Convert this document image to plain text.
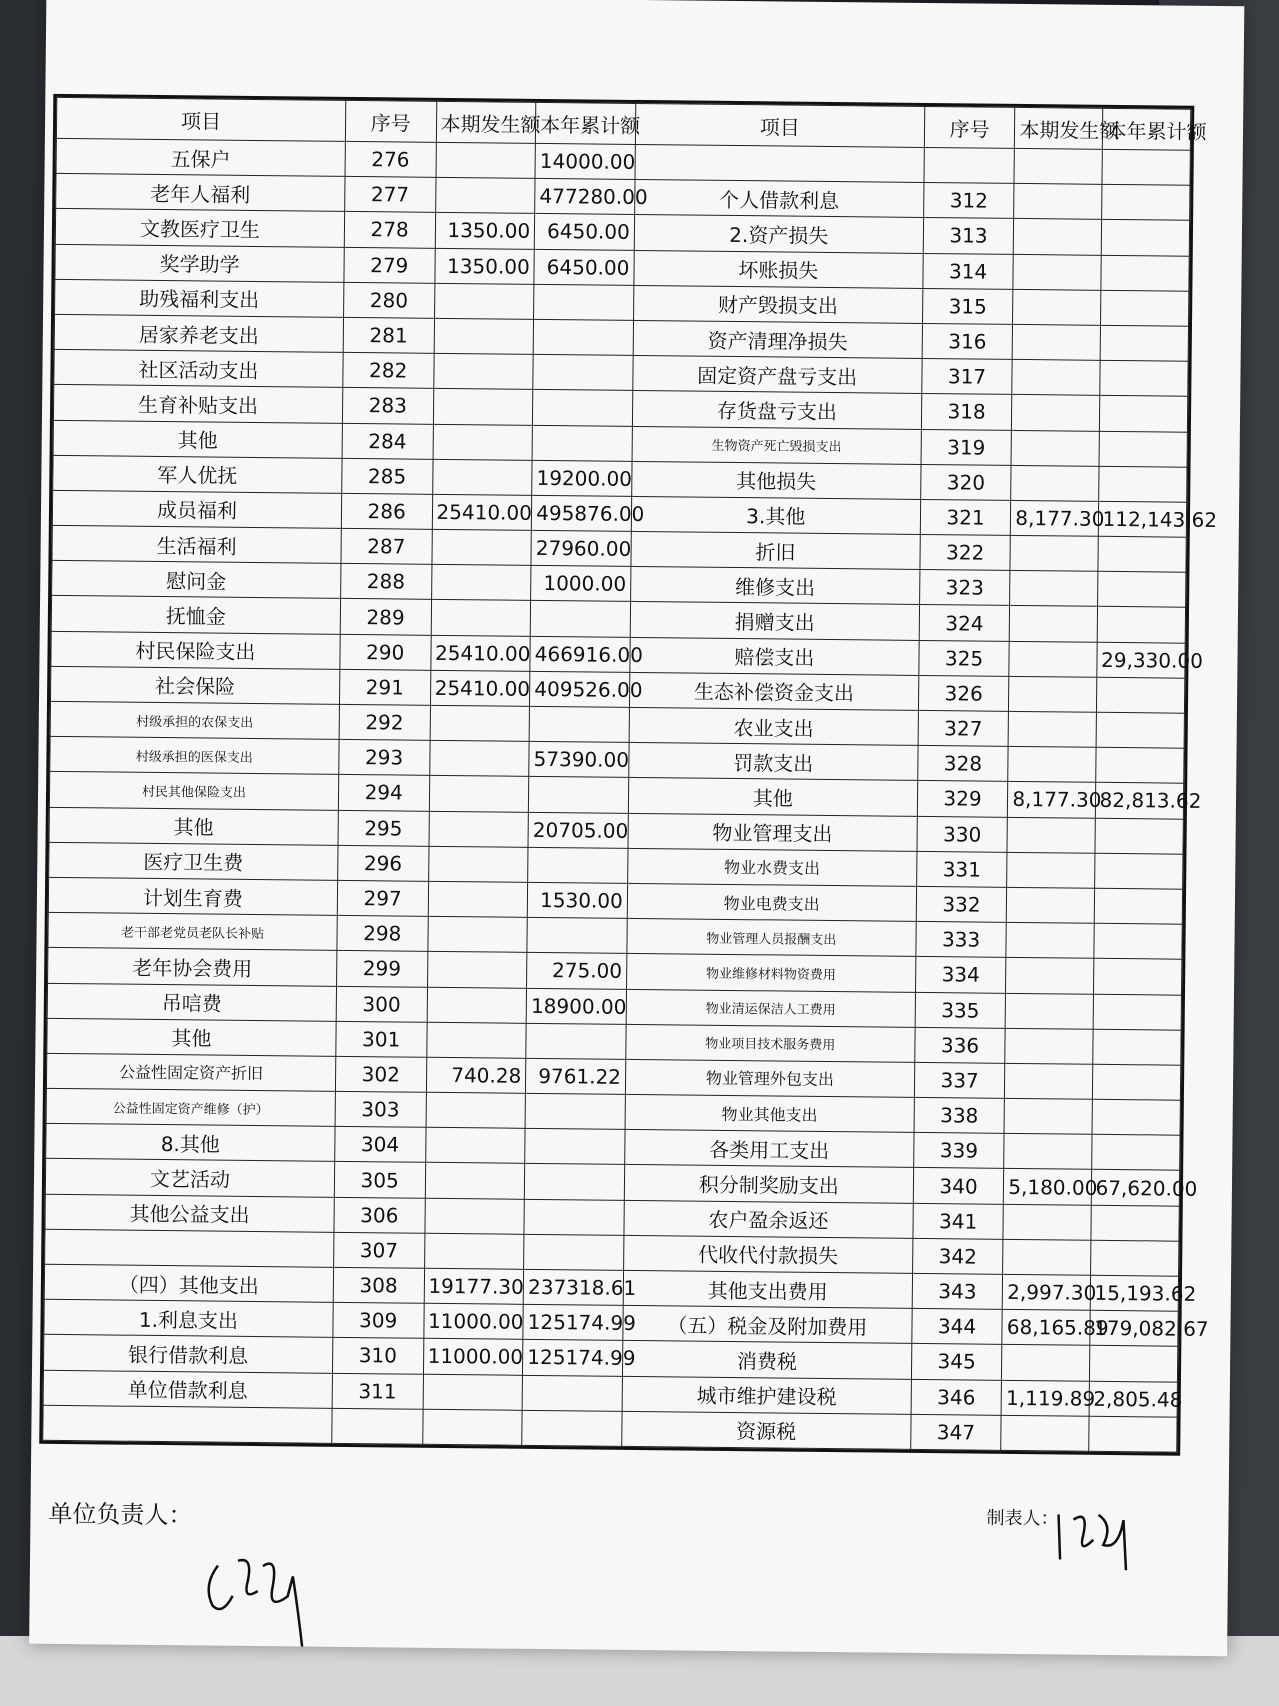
项目	序号	本期发生额	本年累计额	项目	序号	本期发生额	本年累计额
五保户	276		14000.00				
老年人福利	277		477280.00	个人借款利息	312		
文教医疗卫生	278	1350.00	6450.00	2.资产损失	313		
奖学助学	279	1350.00	6450.00	坏账损失	314		
助残福利支出	280			财产毁损支出	315		
居家养老支出	281			资产清理净损失	316		
社区活动支出	282			固定资产盘亏支出	317		
生育补贴支出	283			存货盘亏支出	318		
其他	284			生物资产死亡毁损支出	319		
军人优抚	285		19200.00	其他损失	320		
成员福利	286	25410.00	495876.00	3.其他	321	8,177.30	112,143.62
生活福利	287		27960.00	折旧	322		
慰问金	288		1000.00	维修支出	323		
抚恤金	289			捐赠支出	324		
村民保险支出	290	25410.00	466916.00	赔偿支出	325		29,330.00
社会保险	291	25410.00	409526.00	生态补偿资金支出	326		
村级承担的农保支出	292			农业支出	327		
村级承担的医保支出	293		57390.00	罚款支出	328		
村民其他保险支出	294			其他	329	8,177.30	82,813.62
其他	295		20705.00	物业管理支出	330		
医疗卫生费	296			物业水费支出	331		
计划生育费	297		1530.00	物业电费支出	332		
老干部老党员老队长补贴	298			物业管理人员报酬支出	333		
老年协会费用	299		275.00	物业维修材料物资费用	334		
吊唁费	300		18900.00	物业清运保洁人工费用	335		
其他	301			物业项目技术服务费用	336		
公益性固定资产折旧	302	740.28	9761.22	物业管理外包支出	337		
公益性固定资产维修（护）	303			物业其他支出	338		
8.其他	304			各类用工支出	339		
文艺活动	305			积分制奖励支出	340	5,180.00	67,620.00
其他公益支出	306			农户盈余返还	341		
	307			代收代付款损失	342		
（四）其他支出	308	19177.30	237318.61	其他支出费用	343	2,997.30	15,193.62
1.利息支出	309	11000.00	125174.99	（五）税金及附加费用	344	68,165.89	179,082.67
银行借款利息	310	11000.00	125174.99	消费税	345		
单位借款利息	311			城市维护建设税	346	1,119.89	2,805.48
				资源税	347		
单位负责人：	制表人：
